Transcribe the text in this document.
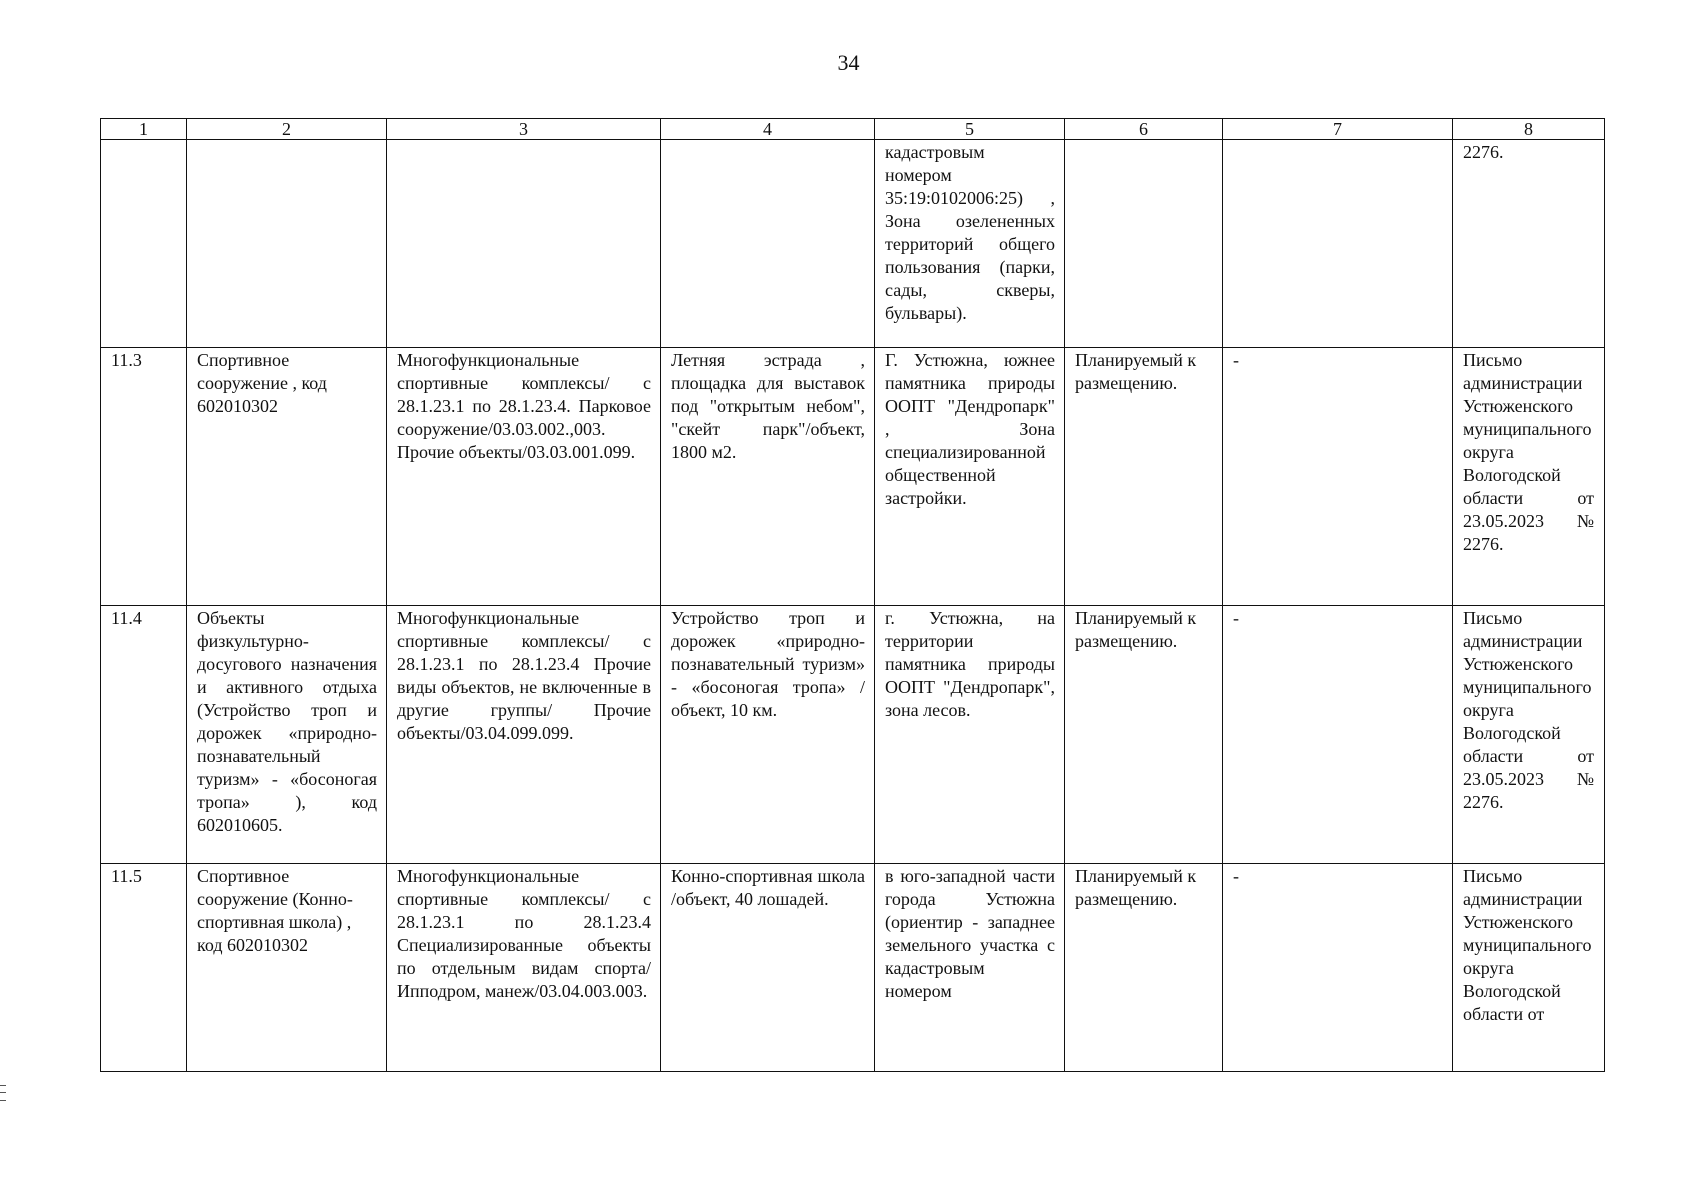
34
1	2	3	4	5	6	7	8
				кадастровым номером 35:19:0102006:25) , Зона озелененных территорий общего пользования (парки, сады, скверы, бульвары).			2276.
11.3	Спортивное сооружение , код 602010302	Многофункциональные спортивные комплексы/ с 28.1.23.1 по 28.1.23.4. Парковое сооружение/03.03.002.,003. Прочие объекты/03.03.001.099.	Летняя эстрада , площадка для выставок под "открытым небом", "скейт парк"/объект, 1800 м2.	Г. Устюжна, южнее памятника природы ООПТ "Дендропарк" , Зона специализированной общественной застройки.	Планируемый к размещению.	-	Письмо администрации Устюженского муниципального округа Вологодской области от 23.05.2023 № 2276.
11.4	Объекты физкультурно-досугового назначения и активного отдыха (Устройство троп и дорожек «природно-познавательный туризм» - «босоногая тропа» ), код 602010605.	Многофункциональные спортивные комплексы/ с 28.1.23.1 по 28.1.23.4 Прочие виды объектов, не включенные в другие группы/ Прочие объекты/03.04.099.099.	Устройство троп и дорожек «природно-познавательный туризм» - «босоногая тропа» /объект, 10 км.	г. Устюжна, на территории памятника природы ООПТ "Дендропарк", зона лесов.	Планируемый к размещению.	-	Письмо администрации Устюженского муниципального округа Вологодской области от 23.05.2023 № 2276.
11.5	Спортивное сооружение (Конно-спортивная школа) , код 602010302	Многофункциональные спортивные комплексы/ с 28.1.23.1 по 28.1.23.4 Специализированные объекты по отдельным видам спорта/ Ипподром, манеж/03.04.003.003.	Конно-спортивная школа /объект, 40 лошадей.	в юго-западной части города Устюжна (ориентир - западнее земельного участка с кадастровым номером	Планируемый к размещению.	-	Письмо администрации Устюженского муниципального округа Вологодской области от
